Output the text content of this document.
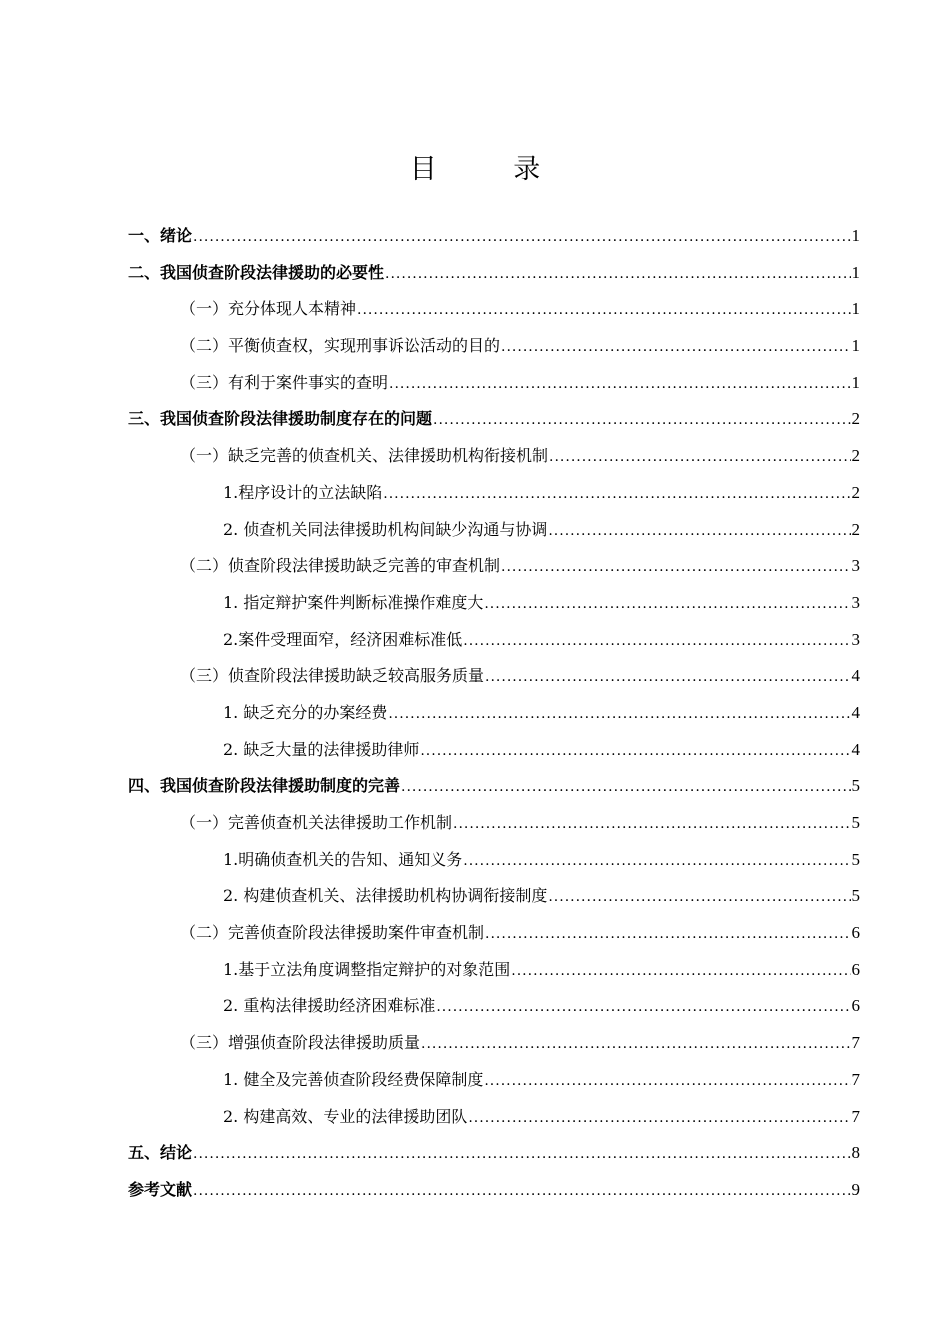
目 录
一、绪论 .....	1
二、我国侦查阶段法律援助的必要性 .....	1
（一）充分体现人本精神 .....	1
（二）平衡侦查权，实现刑事诉讼活动的目的 .....	1
（三）有利于案件事实的查明 .....	1
三、我国侦查阶段法律援助制度存在的问题 .....	2
（一）缺乏完善的侦查机关、法律援助机构衔接机制 .....	2
1.程序设计的立法缺陷 .....	2
2. 侦查机关同法律援助机构间缺少沟通与协调 .....	2
（二）侦查阶段法律援助缺乏完善的审查机制 .....	3
1. 指定辩护案件判断标准操作难度大 .....	3
2.案件受理面窄，经济困难标准低 .....	3
（三）侦查阶段法律援助缺乏较高服务质量 .....	4
1. 缺乏充分的办案经费 .....	4
2. 缺乏大量的法律援助律师 .....	4
四、我国侦查阶段法律援助制度的完善 .....	5
（一）完善侦查机关法律援助工作机制 .....	5
1.明确侦查机关的告知、通知义务 .....	5
2. 构建侦查机关、法律援助机构协调衔接制度 .....	5
（二）完善侦查阶段法律援助案件审查机制 .....	6
1.基于立法角度调整指定辩护的对象范围 .....	6
2. 重构法律援助经济困难标准 .....	6
（三）增强侦查阶段法律援助质量 .....	7
1. 健全及完善侦查阶段经费保障制度 .....	7
2. 构建高效、专业的法律援助团队 .....	7
五、结论 .....	8
参考文献 .....	9
